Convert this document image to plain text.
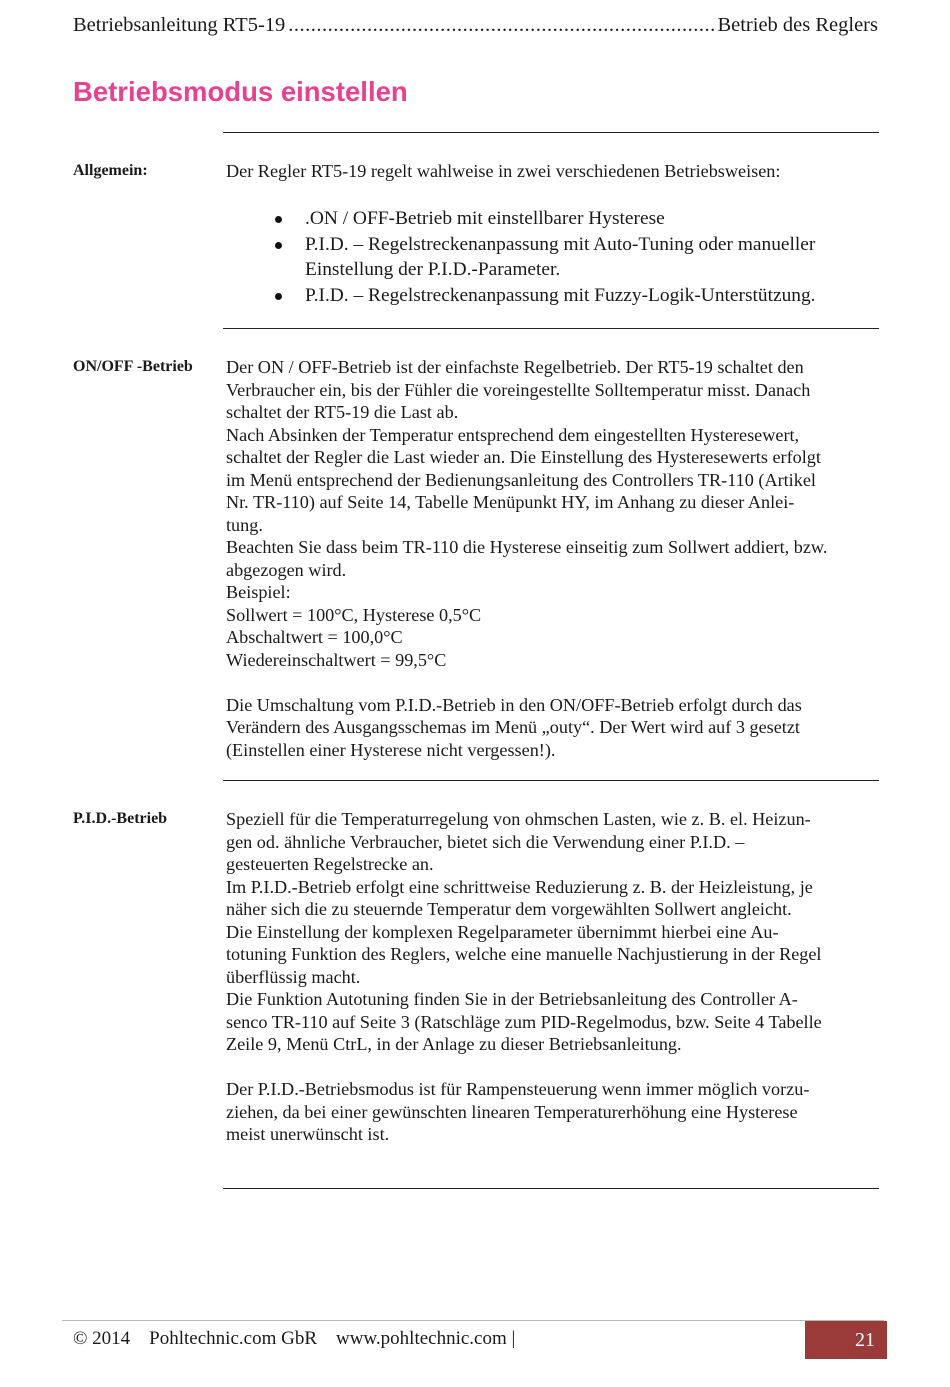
Betriebsanleitung RT5-19
.....	Betrieb des Reglers
Betriebsmodus einstellen
Allgemein:	Der Regler RT5-19 regelt wahlweise in zwei verschiedenen Betriebsweisen:

.ON / OFF-Betrieb mit einstellbarer Hysterese
P.I.D. – Regelstreckenanpassung mit Auto-Tuning oder manueller
Einstellung der P.I.D.-Parameter.
P.I.D. – Regelstreckenanpassung mit Fuzzy-Logik-Unterstützung.
ON/OFF -Betrieb Der ON / OFF-Betrieb ist der einfachste Regelbetrieb. Der RT5-19 schaltet den

Verbraucher ein, bis der Fühler die voreingestellte Solltemperatur misst. Danach

schaltet der RT5-19 die Last ab.

Nach Absinken der Temperatur entsprechend dem eingestellten Hysteresewert,

schaltet der Regler die Last wieder an. Die Einstellung des Hysteresewerts erfolgt

im Menü entsprechend der Bedienungsanleitung des Controllers TR-110 (Artikel

Nr. TR-110) auf Seite 14, Tabelle Menüpunkt HY, im Anhang zu dieser Anlei-

tung.

Beachten Sie dass beim TR-110 die Hysterese einseitig zum Sollwert addiert, bzw.

abgezogen wird.

Beispiel:

Sollwert = 100°C, Hysterese 0,5°C

Abschaltwert = 100,0°C

Wiedereinschaltwert = 99,5°C

Die Umschaltung vom P.I.D.-Betrieb in den ON/OFF-Betrieb erfolgt durch das

Verändern des Ausgangsschemas im Menü „outy“. Der Wert wird auf 3 gesetzt

(Einstellen einer Hysterese nicht vergessen!).

P.I.D.-Betrieb	Speziell für die Temperaturregelung von ohmschen Lasten, wie z. B. el. Heizun-

gen od. ähnliche Verbraucher, bietet sich die Verwendung einer P.I.D. –

gesteuerten Regelstrecke an.

Im P.I.D.-Betrieb erfolgt eine schrittweise Reduzierung z. B. der Heizleistung, je

näher sich die zu steuernde Temperatur dem vorgewählten Sollwert angleicht.

Die Einstellung der komplexen Regelparameter übernimmt hierbei eine Au-

totuning Funktion des Reglers, welche eine manuelle Nachjustierung in der Regel

überflüssig macht.

Die Funktion Autotuning finden Sie in der Betriebsanleitung des Controller A-

senco TR-110 auf Seite 3 (Ratschläge zum PID-Regelmodus, bzw. Seite 4 Tabelle

Zeile 9, Menü CtrL, in der Anlage zu dieser Betriebsanleitung.

Der P.I.D.-Betriebsmodus ist für Rampensteuerung wenn immer möglich vorzu-

ziehen, da bei einer gewünschten linearen Temperaturerhöhung eine Hysterese

meist unerwünscht ist.

© 2014    Pohltechnic.com GbR    www.pohltechnic.com |	21
